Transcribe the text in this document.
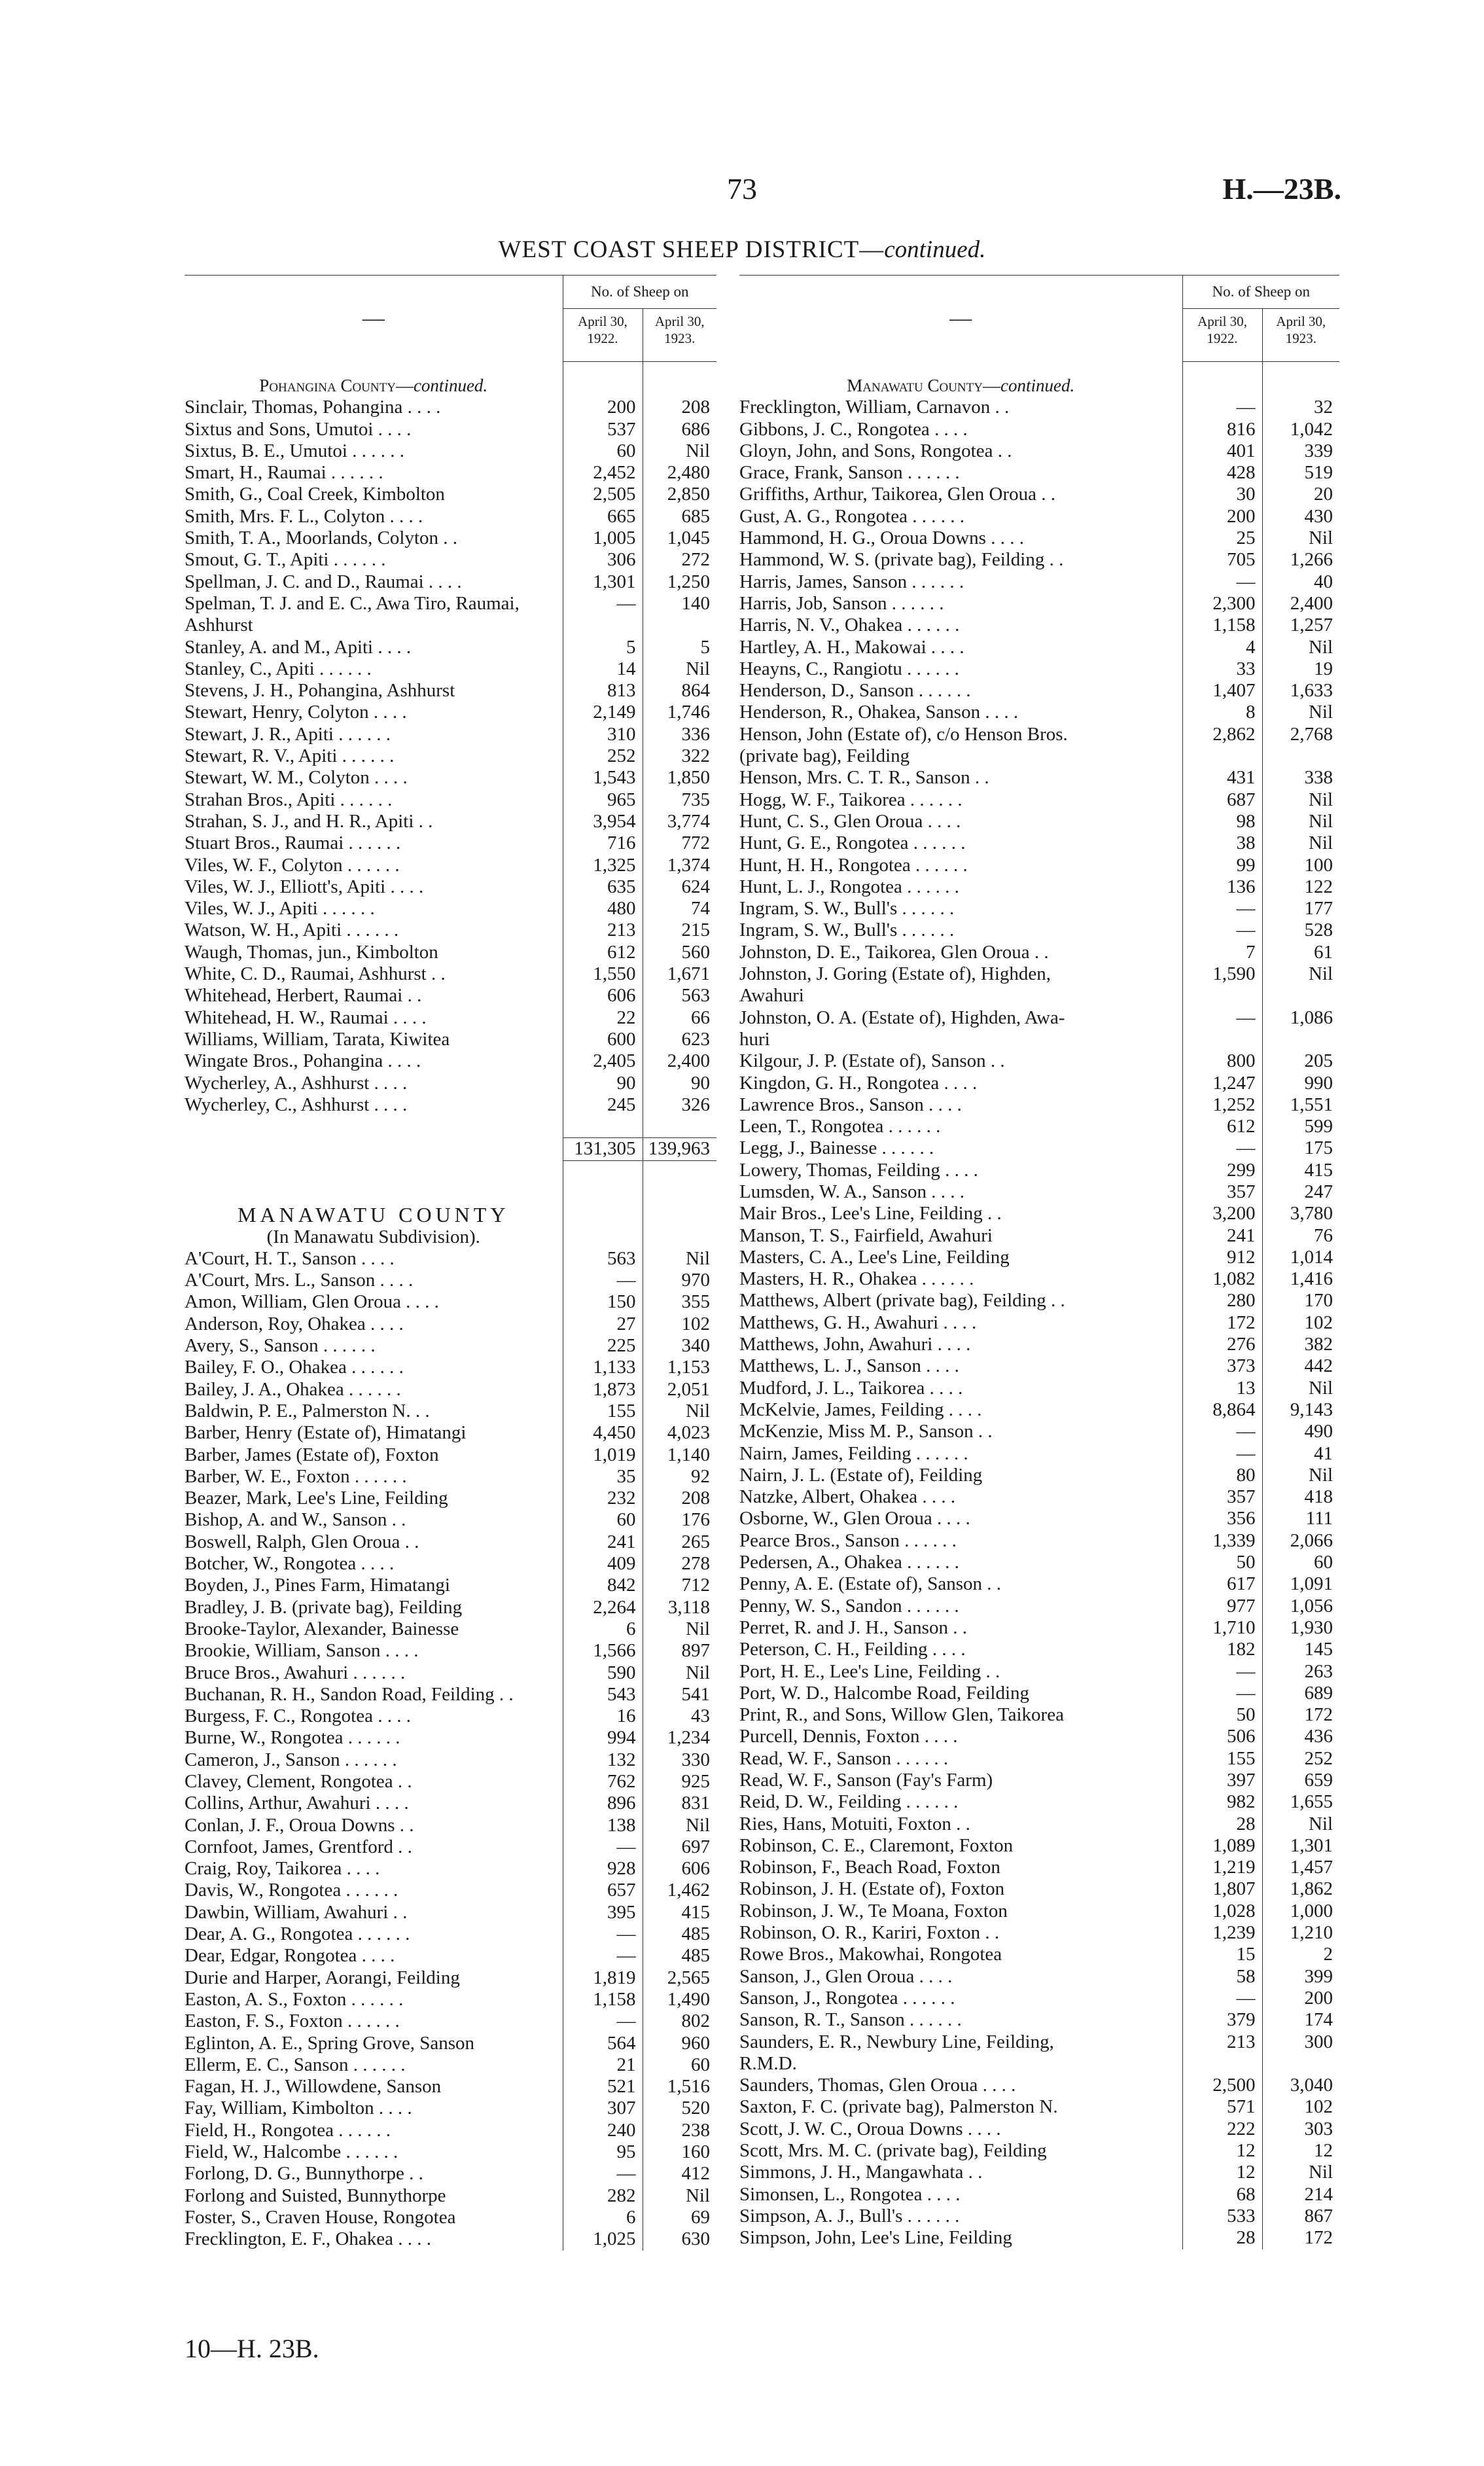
73	H.—23B.
WEST COAST SHEEP DISTRICT—continued.
—	No. of Sheep on	
	April 30, 1922.	April 30, 1923.

Pohangina County—continued.		
Sinclair, Thomas, Pohangina . . . .	200	208
Sixtus and Sons, Umutoi . . . .	537	686
Sixtus, B. E., Umutoi . . . . . .	60	Nil
Smart, H., Raumai . . . . . .	2,452	2,480
Smith, G., Coal Creek, Kimbolton	2,505	2,850
Smith, Mrs. F. L., Colyton . . . .	665	685
Smith, T. A., Moorlands, Colyton . .	1,005	1,045
Smout, G. T., Apiti . . . . . .	306	272
Spellman, J. C. and D., Raumai . . . .	1,301	1,250
Spelman, T. J. and E. C., Awa Tiro, Raumai,	—	140
Ashhurst		
Stanley, A. and M., Apiti . . . .	5	5
Stanley, C., Apiti . . . . . .	14	Nil
Stevens, J. H., Pohangina, Ashhurst	813	864
Stewart, Henry, Colyton . . . .	2,149	1,746
Stewart, J. R., Apiti . . . . . .	310	336
Stewart, R. V., Apiti . . . . . .	252	322
Stewart, W. M., Colyton . . . .	1,543	1,850
Strahan Bros., Apiti . . . . . .	965	735
Strahan, S. J., and H. R., Apiti . .	3,954	3,774
Stuart Bros., Raumai . . . . . .	716	772
Viles, W. F., Colyton . . . . . .	1,325	1,374
Viles, W. J., Elliott's, Apiti . . . .	635	624
Viles, W. J., Apiti . . . . . .	480	74
Watson, W. H., Apiti . . . . . .	213	215
Waugh, Thomas, jun., Kimbolton	612	560
White, C. D., Raumai, Ashhurst . .	1,550	1,671
Whitehead, Herbert, Raumai . .	606	563
Whitehead, H. W., Raumai . . . .	22	66
Williams, William, Tarata, Kiwitea	600	623
Wingate Bros., Pohangina . . . .	2,405	2,400
Wycherley, A., Ashhurst . . . .	90	90
Wycherley, C., Ashhurst . . . .	245	326

	131,305	139,963

MANAWATU COUNTY		
(In Manawatu Subdivision).		
A'Court, H. T., Sanson . . . .	563	Nil
A'Court, Mrs. L., Sanson . . . .	—	970
Amon, William, Glen Oroua . . . .	150	355
Anderson, Roy, Ohakea . . . .	27	102
Avery, S., Sanson . . . . . .	225	340
Bailey, F. O., Ohakea . . . . . .	1,133	1,153
Bailey, J. A., Ohakea . . . . . .	1,873	2,051
Baldwin, P. E., Palmerston N. . .	155	Nil
Barber, Henry (Estate of), Himatangi	4,450	4,023
Barber, James (Estate of), Foxton	1,019	1,140
Barber, W. E., Foxton . . . . . .	35	92
Beazer, Mark, Lee's Line, Feilding	232	208
Bishop, A. and W., Sanson . .	60	176
Boswell, Ralph, Glen Oroua . .	241	265
Botcher, W., Rongotea . . . .	409	278
Boyden, J., Pines Farm, Himatangi	842	712
Bradley, J. B. (private bag), Feilding	2,264	3,118
Brooke-Taylor, Alexander, Bainesse	6	Nil
Brookie, William, Sanson . . . .	1,566	897
Bruce Bros., Awahuri . . . . . .	590	Nil
Buchanan, R. H., Sandon Road, Feilding . .	543	541
Burgess, F. C., Rongotea . . . .	16	43
Burne, W., Rongotea . . . . . .	994	1,234
Cameron, J., Sanson . . . . . .	132	330
Clavey, Clement, Rongotea . .	762	925
Collins, Arthur, Awahuri . . . .	896	831
Conlan, J. F., Oroua Downs . .	138	Nil
Cornfoot, James, Grentford . .	—	697
Craig, Roy, Taikorea . . . .	928	606
Davis, W., Rongotea . . . . . .	657	1,462
Dawbin, William, Awahuri . .	395	415
Dear, A. G., Rongotea . . . . . .	—	485
Dear, Edgar, Rongotea . . . .	—	485
Durie and Harper, Aorangi, Feilding	1,819	2,565
Easton, A. S., Foxton . . . . . .	1,158	1,490
Easton, F. S., Foxton . . . . . .	—	802
Eglinton, A. E., Spring Grove, Sanson	564	960
Ellerm, E. C., Sanson . . . . . .	21	60
Fagan, H. J., Willowdene, Sanson	521	1,516
Fay, William, Kimbolton . . . .	307	520
Field, H., Rongotea . . . . . .	240	238
Field, W., Halcombe . . . . . .	95	160
Forlong, D. G., Bunnythorpe . .	—	412
Forlong and Suisted, Bunnythorpe	282	Nil
Foster, S., Craven House, Rongotea	6	69
Frecklington, E. F., Ohakea . . . .	1,025	630
—	No. of Sheep on	
	April 30, 1922.	April 30, 1923.

Manawatu County—continued.		
Frecklington, William, Carnavon . .	—	32
Gibbons, J. C., Rongotea . . . .	816	1,042
Gloyn, John, and Sons, Rongotea . .	401	339
Grace, Frank, Sanson . . . . . .	428	519
Griffiths, Arthur, Taikorea, Glen Oroua . .	30	20
Gust, A. G., Rongotea . . . . . .	200	430
Hammond, H. G., Oroua Downs . . . .	25	Nil
Hammond, W. S. (private bag), Feilding . .	705	1,266
Harris, James, Sanson . . . . . .	—	40
Harris, Job, Sanson . . . . . .	2,300	2,400
Harris, N. V., Ohakea . . . . . .	1,158	1,257
Hartley, A. H., Makowai . . . .	4	Nil
Heayns, C., Rangiotu . . . . . .	33	19
Henderson, D., Sanson . . . . . .	1,407	1,633
Henderson, R., Ohakea, Sanson . . . .	8	Nil
Henson, John (Estate of), c/o Henson Bros.	2,862	2,768
(private bag), Feilding		
Henson, Mrs. C. T. R., Sanson . .	431	338
Hogg, W. F., Taikorea . . . . . .	687	Nil
Hunt, C. S., Glen Oroua . . . .	98	Nil
Hunt, G. E., Rongotea . . . . . .	38	Nil
Hunt, H. H., Rongotea . . . . . .	99	100
Hunt, L. J., Rongotea . . . . . .	136	122
Ingram, S. W., Bull's . . . . . .	—	177
Ingram, S. W., Bull's . . . . . .	—	528
Johnston, D. E., Taikorea, Glen Oroua . .	7	61
Johnston, J. Goring (Estate of), Highden,	1,590	Nil
Awahuri		
Johnston, O. A. (Estate of), Highden, Awa-	—	1,086
huri		
Kilgour, J. P. (Estate of), Sanson . .	800	205
Kingdon, G. H., Rongotea . . . .	1,247	990
Lawrence Bros., Sanson . . . .	1,252	1,551
Leen, T., Rongotea . . . . . .	612	599
Legg, J., Bainesse . . . . . .	—	175
Lowery, Thomas, Feilding . . . .	299	415
Lumsden, W. A., Sanson . . . .	357	247
Mair Bros., Lee's Line, Feilding . .	3,200	3,780
Manson, T. S., Fairfield, Awahuri	241	76
Masters, C. A., Lee's Line, Feilding	912	1,014
Masters, H. R., Ohakea . . . . . .	1,082	1,416
Matthews, Albert (private bag), Feilding . .	280	170
Matthews, G. H., Awahuri . . . .	172	102
Matthews, John, Awahuri . . . .	276	382
Matthews, L. J., Sanson . . . .	373	442
Mudford, J. L., Taikorea . . . .	13	Nil
McKelvie, James, Feilding . . . .	8,864	9,143
McKenzie, Miss M. P., Sanson . .	—	490
Nairn, James, Feilding . . . . . .	—	41
Nairn, J. L. (Estate of), Feilding	80	Nil
Natzke, Albert, Ohakea . . . .	357	418
Osborne, W., Glen Oroua . . . .	356	111
Pearce Bros., Sanson . . . . . .	1,339	2,066
Pedersen, A., Ohakea . . . . . .	50	60
Penny, A. E. (Estate of), Sanson . .	617	1,091
Penny, W. S., Sandon . . . . . .	977	1,056
Perret, R. and J. H., Sanson . .	1,710	1,930
Peterson, C. H., Feilding . . . .	182	145
Port, H. E., Lee's Line, Feilding . .	—	263
Port, W. D., Halcombe Road, Feilding	—	689
Print, R., and Sons, Willow Glen, Taikorea	50	172
Purcell, Dennis, Foxton . . . .	506	436
Read, W. F., Sanson . . . . . .	155	252
Read, W. F., Sanson (Fay's Farm)	397	659
Reid, D. W., Feilding . . . . . .	982	1,655
Ries, Hans, Motuiti, Foxton . .	28	Nil
Robinson, C. E., Claremont, Foxton	1,089	1,301
Robinson, F., Beach Road, Foxton	1,219	1,457
Robinson, J. H. (Estate of), Foxton	1,807	1,862
Robinson, J. W., Te Moana, Foxton	1,028	1,000
Robinson, O. R., Kariri, Foxton . .	1,239	1,210
Rowe Bros., Makowhai, Rongotea	15	2
Sanson, J., Glen Oroua . . . .	58	399
Sanson, J., Rongotea . . . . . .	—	200
Sanson, R. T., Sanson . . . . . .	379	174
Saunders, E. R., Newbury Line, Feilding,	213	300
R.M.D.		
Saunders, Thomas, Glen Oroua . . . .	2,500	3,040
Saxton, F. C. (private bag), Palmerston N.	571	102
Scott, J. W. C., Oroua Downs . . . .	222	303
Scott, Mrs. M. C. (private bag), Feilding	12	12
Simmons, J. H., Mangawhata . .	12	Nil
Simonsen, L., Rongotea . . . .	68	214
Simpson, A. J., Bull's . . . . . .	533	867
Simpson, John, Lee's Line, Feilding	28	172
10—H. 23B.
